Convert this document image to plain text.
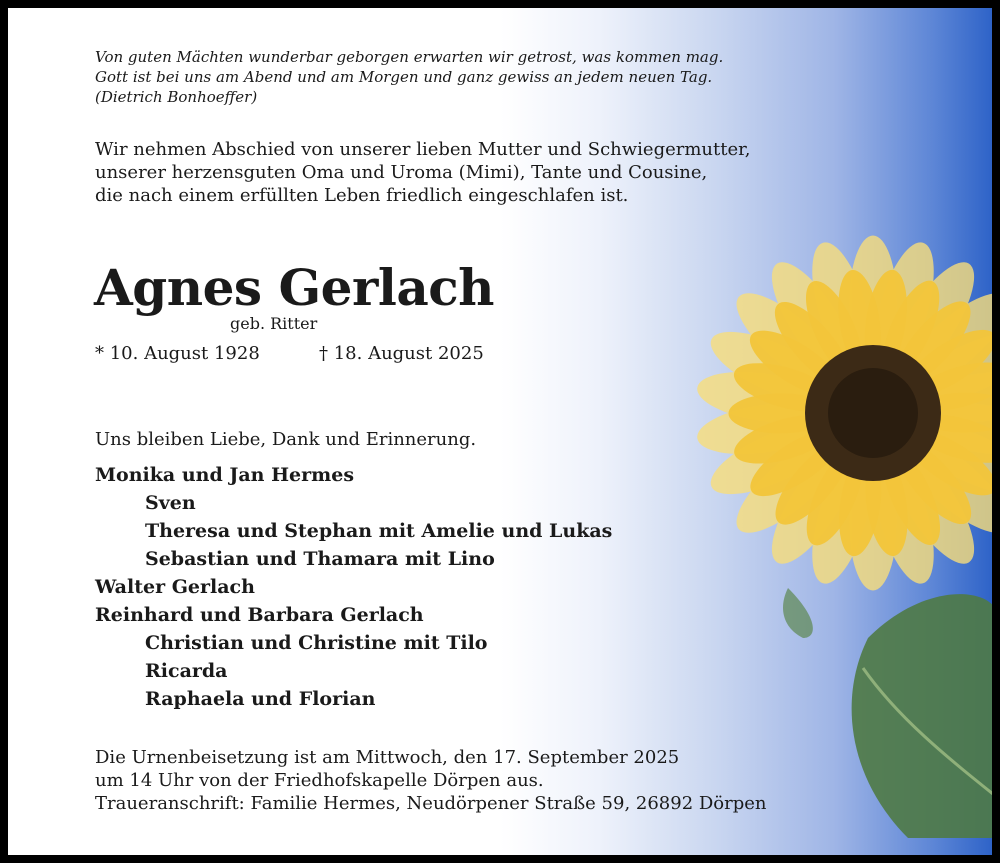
Von guten Mächten wunderbar geborgen erwarten wir getrost, was kommen mag.
Gott ist bei uns am Abend und am Morgen und ganz gewiss an jedem neuen Tag.
(Dietrich Bonhoeffer)
Wir nehmen Abschied von unserer lieben Mutter und Schwiegermutter,
unserer herzensguten Oma und Uroma (Mimi), Tante und Cousine,
die nach einem erfüllten Leben friedlich eingeschlafen ist.
Agnes Gerlach
geb. Ritter
* 10. August 1928	† 18. August 2025
Uns bleiben Liebe, Dank und Erinnerung.
Monika und Jan Hermes
Sven
Theresa und Stephan mit Amelie und Lukas
Sebastian und Thamara mit Lino
Walter Gerlach
Reinhard und Barbara Gerlach
Christian und Christine mit Tilo
Ricarda
Raphaela und Florian
Die Urnenbeisetzung ist am Mittwoch, den 17. September 2025
um 14 Uhr von der Friedhofskapelle Dörpen aus.
Traueranschrift: Familie Hermes, Neudörpener Straße 59, 26892 Dörpen
